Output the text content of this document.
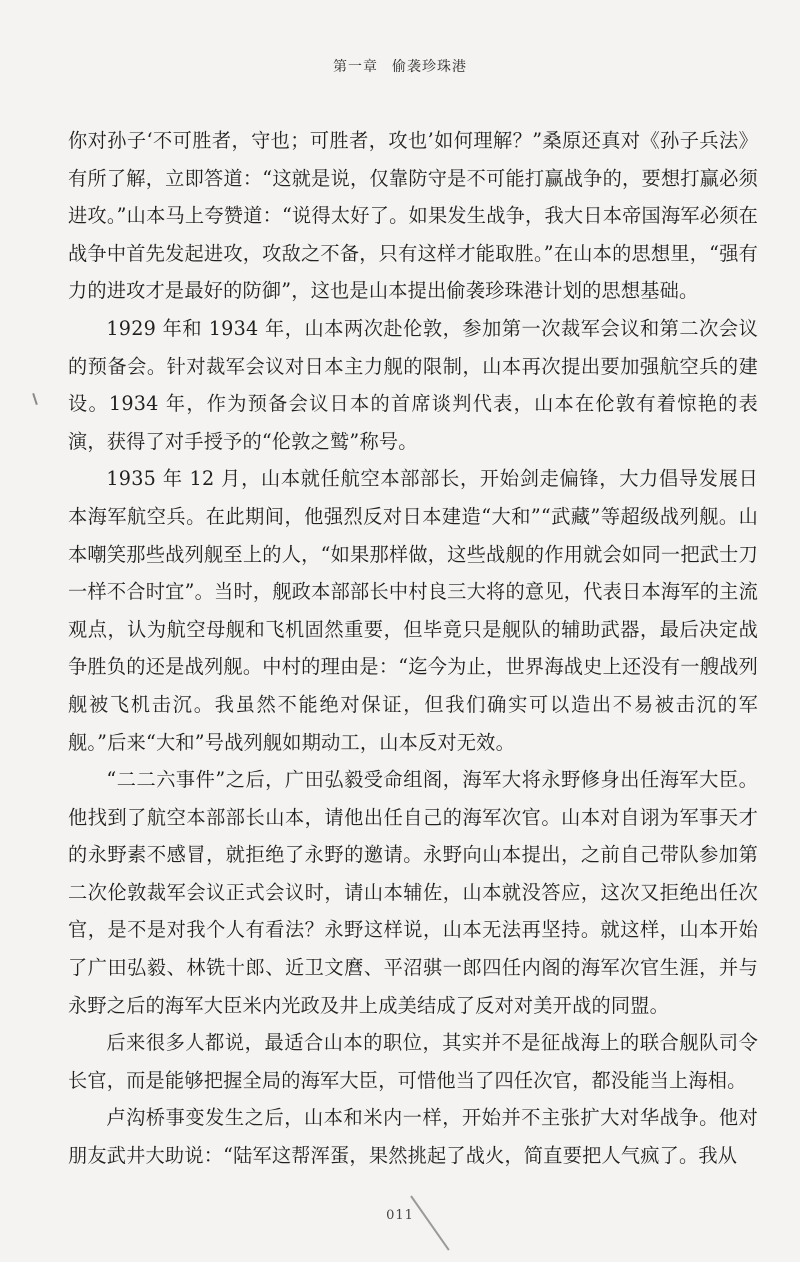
第一章 偷袭珍珠港

你对孙子‘不可胜者，守也；可胜者，攻也’如何理解？”桑原还真对《孙子兵法》有所了解，立即答道：“这就是说，仅靠防守是不可能打赢战争的，要想打赢必须进攻。”山本马上夸赞道：“说得太好了。如果发生战争，我大日本帝国海军必须在战争中首先发起进攻，攻敌之不备，只有这样才能取胜。”在山本的思想里，“强有力的进攻才是最好的防御”，这也是山本提出偷袭珍珠港计划的思想基础。

1929 年和 1934 年，山本两次赴伦敦，参加第一次裁军会议和第二次会议的预备会。针对裁军会议对日本主力舰的限制，山本再次提出要加强航空兵的建设。1934 年，作为预备会议日本的首席谈判代表，山本在伦敦有着惊艳的表演，获得了对手授予的“伦敦之鹫”称号。

1935 年 12 月，山本就任航空本部部长，开始剑走偏锋，大力倡导发展日本海军航空兵。在此期间，他强烈反对日本建造“大和”“武藏”等超级战列舰。山本嘲笑那些战列舰至上的人，“如果那样做，这些战舰的作用就会如同一把武士刀一样不合时宜”。当时，舰政本部部长中村良三大将的意见，代表日本海军的主流观点，认为航空母舰和飞机固然重要，但毕竟只是舰队的辅助武器，最后决定战争胜负的还是战列舰。中村的理由是：“迄今为止，世界海战史上还没有一艘战列舰被飞机击沉。我虽然不能绝对保证，但我们确实可以造出不易被击沉的军舰。”后来“大和”号战列舰如期动工，山本反对无效。

“二二六事件”之后，广田弘毅受命组阁，海军大将永野修身出任海军大臣。他找到了航空本部部长山本，请他出任自己的海军次官。山本对自诩为军事天才的永野素不感冒，就拒绝了永野的邀请。永野向山本提出，之前自己带队参加第二次伦敦裁军会议正式会议时，请山本辅佐，山本就没答应，这次又拒绝出任次官，是不是对我个人有看法？永野这样说，山本无法再坚持。就这样，山本开始了广田弘毅、林铣十郎、近卫文麿、平沼骐一郎四任内阁的海军次官生涯，并与永野之后的海军大臣米内光政及井上成美结成了反对对美开战的同盟。

后来很多人都说，最适合山本的职位，其实并不是征战海上的联合舰队司令长官，而是能够把握全局的海军大臣，可惜他当了四任次官，都没能当上海相。

卢沟桥事变发生之后，山本和米内一样，开始并不主张扩大对华战争。他对朋友武井大助说：“陆军这帮浑蛋，果然挑起了战火，简直要把人气疯了。我从

011
